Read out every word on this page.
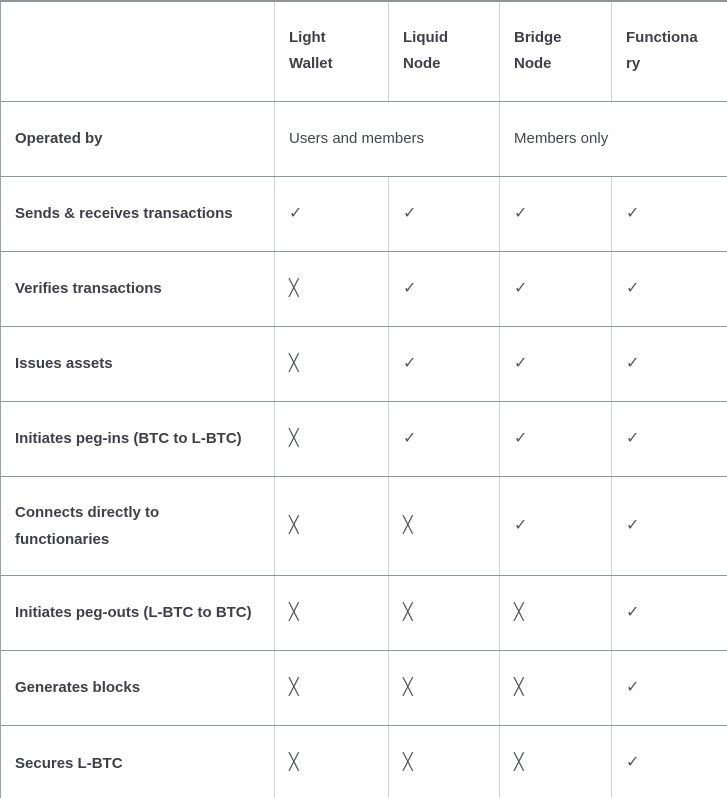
	Light Wallet	Liquid Node	Bridge Node	Functionary
Operated by	Users and members		Members only	
Sends & receives transactions	✓	✓	✓	✓
Verifies transactions	╳	✓	✓	✓
Issues assets	╳	✓	✓	✓
Initiates peg-ins (BTC to L-BTC)	╳	✓	✓	✓
Connects directly to functionaries	╳	╳	✓	✓
Initiates peg-outs (L-BTC to BTC)	╳	╳	╳	✓
Generates blocks	╳	╳	╳	✓
Secures L-BTC	╳	╳	╳	✓
